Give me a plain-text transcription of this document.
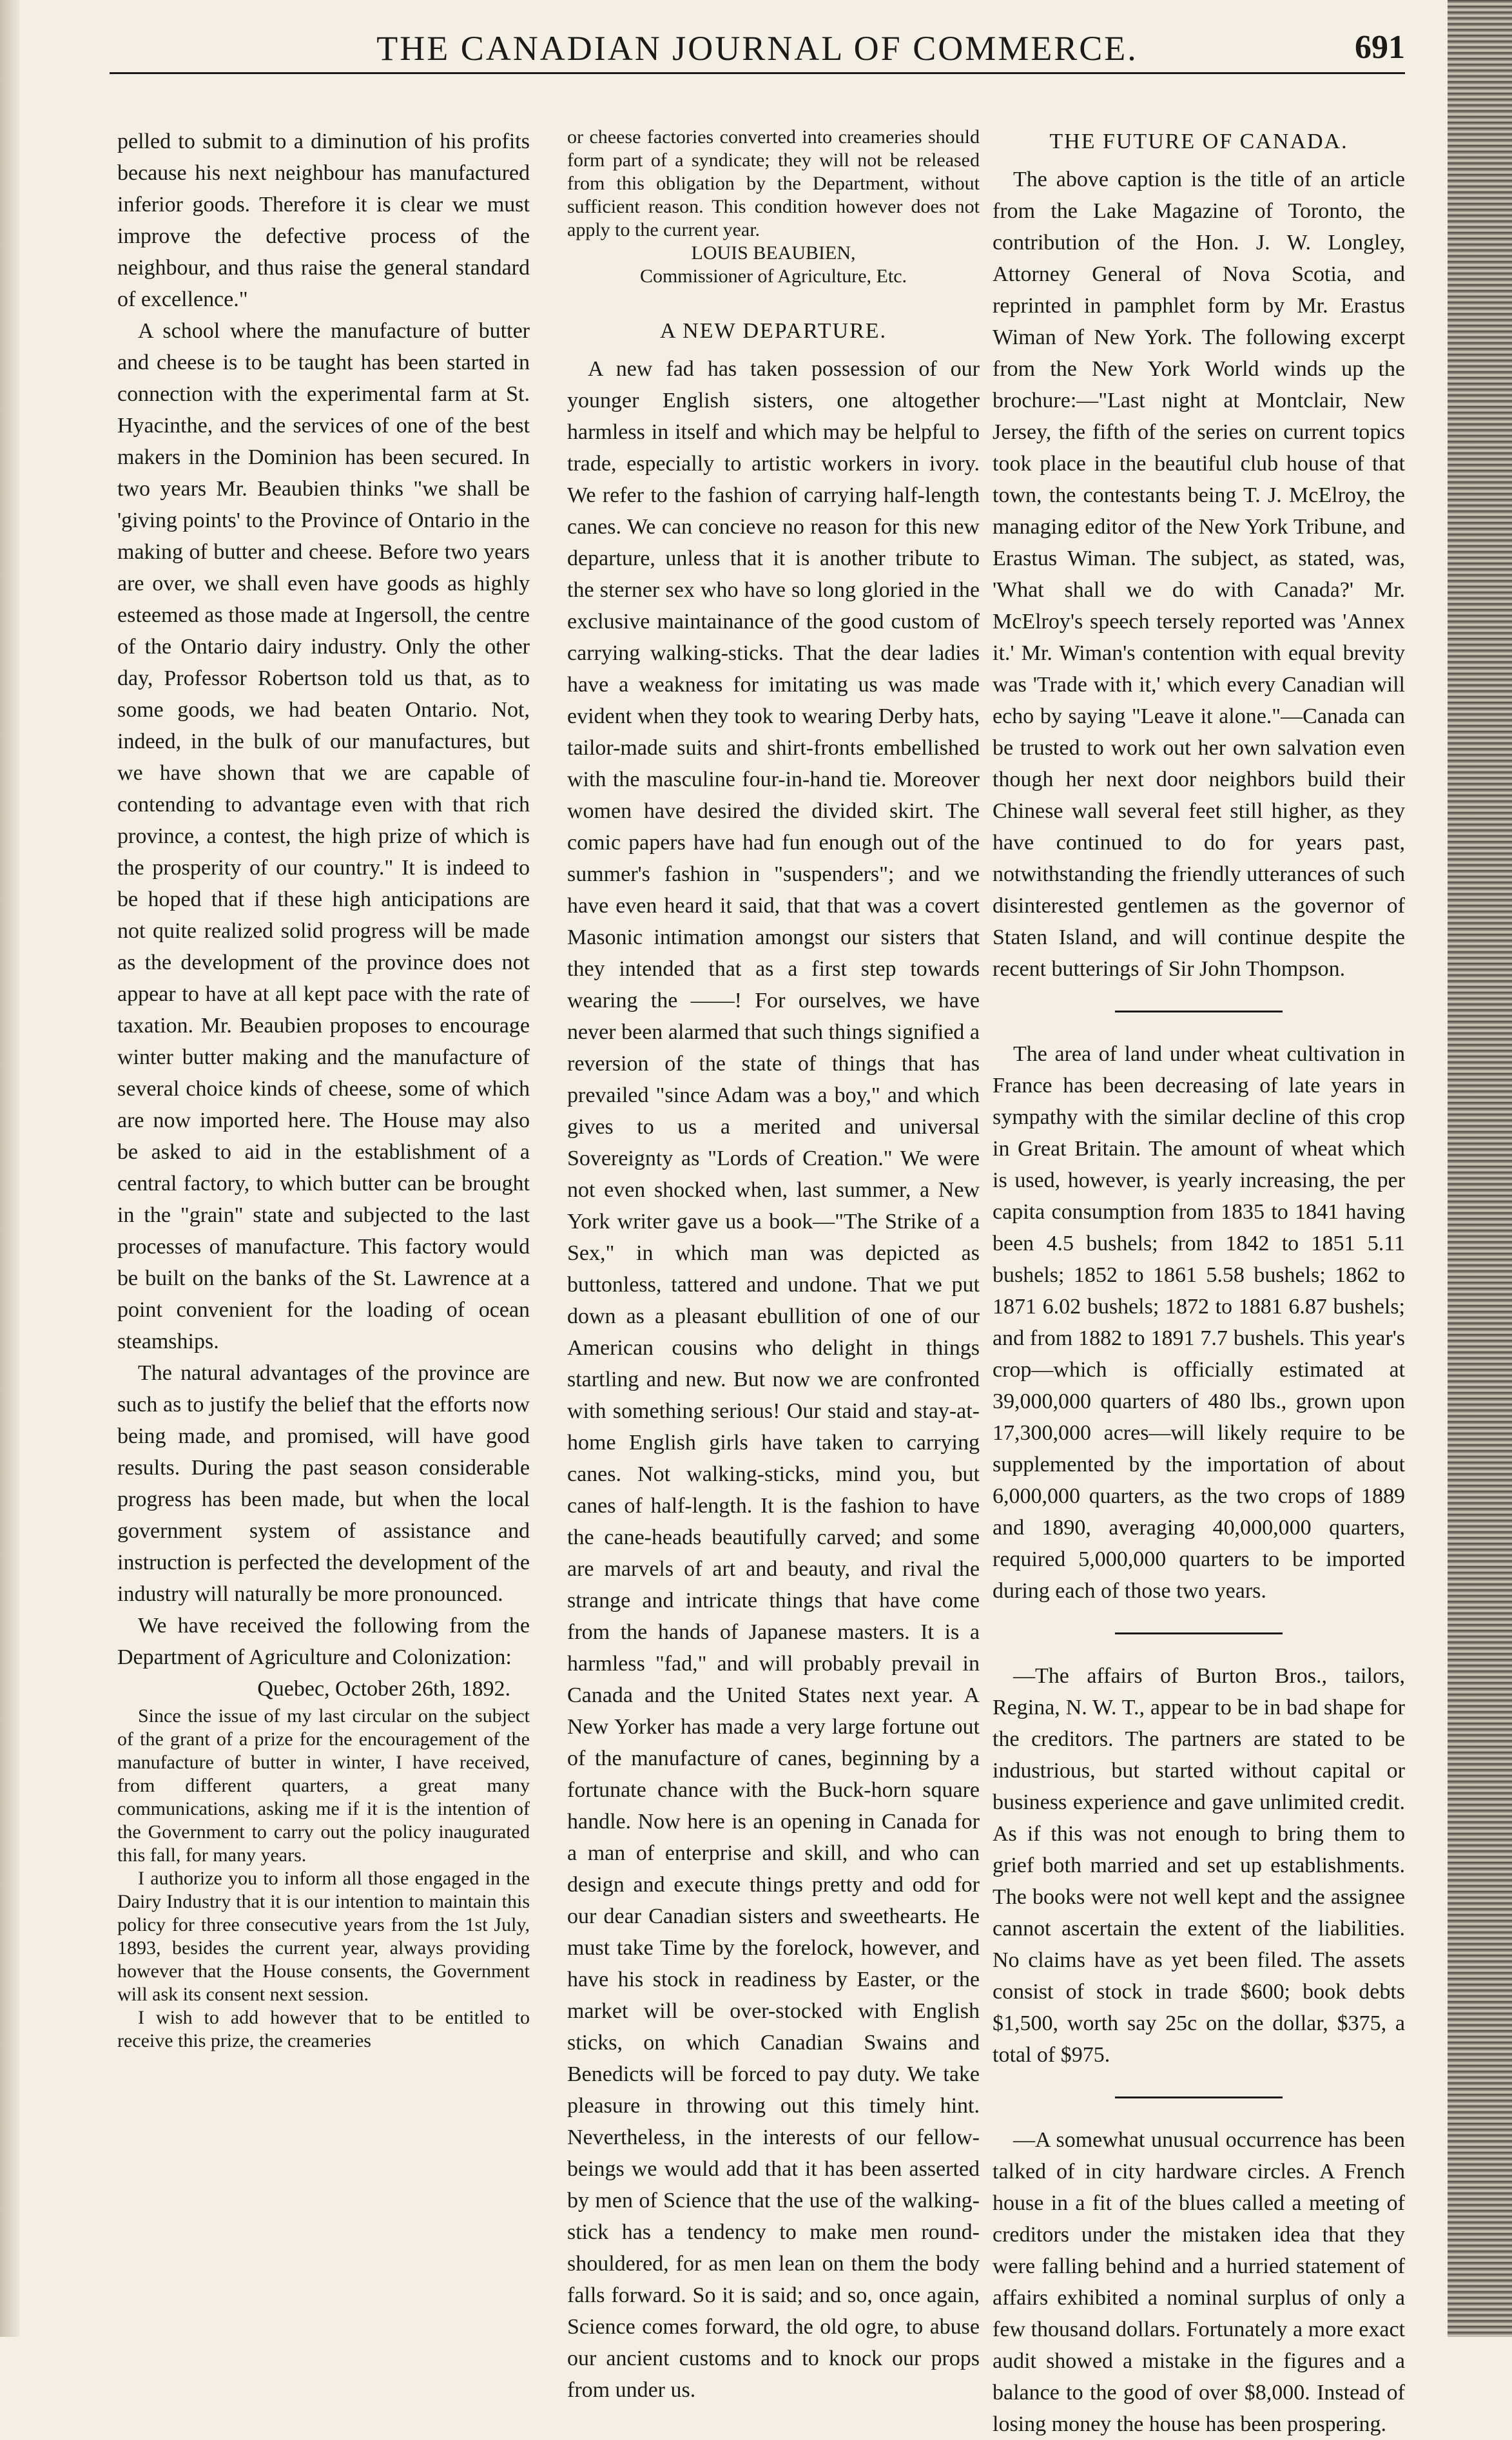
THE CANADIAN JOURNAL OF COMMERCE.	691

pelled to submit to a diminution of his profits because his next neighbour has manufactured inferior goods. Therefore it is clear we must improve the defective process of the neighbour, and thus raise the general standard of excellence."

A school where the manufacture of butter and cheese is to be taught has been started in connection with the experimental farm at St. Hyacinthe, and the services of one of the best makers in the Dominion has been secured. In two years Mr. Beaubien thinks "we shall be 'giving points' to the Province of Ontario in the making of butter and cheese. Before two years are over, we shall even have goods as highly esteemed as those made at Ingersoll, the centre of the Ontario dairy industry. Only the other day, Professor Robertson told us that, as to some goods, we had beaten Ontario. Not, indeed, in the bulk of our manufactures, but we have shown that we are capable of contending to advantage even with that rich province, a contest, the high prize of which is the prosperity of our country." It is indeed to be hoped that if these high anticipations are not quite realized solid progress will be made as the development of the province does not appear to have at all kept pace with the rate of taxation. Mr. Beaubien proposes to encourage winter butter making and the manufacture of several choice kinds of cheese, some of which are now imported here. The House may also be asked to aid in the establishment of a central factory, to which butter can be brought in the "grain" state and subjected to the last processes of manufacture. This factory would be built on the banks of the St. Lawrence at a point convenient for the loading of ocean steamships.

The natural advantages of the province are such as to justify the belief that the efforts now being made, and promised, will have good results. During the past season considerable progress has been made, but when the local government system of assistance and instruction is perfected the development of the industry will naturally be more pronounced.

We have received the following from the Department of Agriculture and Colonization:

Quebec, October 26th, 1892.

Since the issue of my last circular on the subject of the grant of a prize for the encouragement of the manufacture of butter in winter, I have received, from different quarters, a great many communications, asking me if it is the intention of the Government to carry out the policy inaugurated this fall, for many years.

I authorize you to inform all those engaged in the Dairy Industry that it is our intention to maintain this policy for three consecutive years from the 1st July, 1893, besides the current year, always providing however that the House consents, the Government will ask its consent next session.

I wish to add however that to be entitled to receive this prize, the creameries

or cheese factories converted into creameries should form part of a syndicate; they will not be released from this obligation by the Department, without sufficient reason. This condition however does not apply to the current year.

LOUIS BEAUBIEN,

Commissioner of Agriculture, Etc.

A NEW DEPARTURE.

A new fad has taken possession of our younger English sisters, one altogether harmless in itself and which may be helpful to trade, especially to artistic workers in ivory. We refer to the fashion of carrying half-length canes. We can concieve no reason for this new departure, unless that it is another tribute to the sterner sex who have so long gloried in the exclusive maintainance of the good custom of carrying walking-sticks. That the dear ladies have a weakness for imitating us was made evident when they took to wearing Derby hats, tailor-made suits and shirt-fronts embellished with the masculine four-in-hand tie. Moreover women have desired the divided skirt. The comic papers have had fun enough out of the summer's fashion in "suspenders"; and we have even heard it said, that that was a covert Masonic intimation amongst our sisters that they intended that as a first step towards wearing the ——! For ourselves, we have never been alarmed that such things signified a reversion of the state of things that has prevailed "since Adam was a boy," and which gives to us a merited and universal Sovereignty as "Lords of Creation." We were not even shocked when, last summer, a New York writer gave us a book—"The Strike of a Sex," in which man was depicted as buttonless, tattered and undone. That we put down as a pleasant ebullition of one of our American cousins who delight in things startling and new. But now we are confronted with something serious! Our staid and stay-at-home English girls have taken to carrying canes. Not walking-sticks, mind you, but canes of half-length. It is the fashion to have the cane-heads beautifully carved; and some are marvels of art and beauty, and rival the strange and intricate things that have come from the hands of Japanese masters. It is a harmless "fad," and will probably prevail in Canada and the United States next year. A New Yorker has made a very large fortune out of the manufacture of canes, beginning by a fortunate chance with the Buck-horn square handle. Now here is an opening in Canada for a man of enterprise and skill, and who can design and execute things pretty and odd for our dear Canadian sisters and sweethearts. He must take Time by the forelock, however, and have his stock in readiness by Easter, or the market will be over-stocked with English sticks, on which Canadian Swains and Benedicts will be forced to pay duty. We take pleasure in throwing out this timely hint. Nevertheless, in the interests of our fellow-beings we would add that it has been asserted by men of Science that the use of the walking-stick has a tendency to make men round-shouldered, for as men lean on them the body falls forward. So it is said; and so, once again, Science comes forward, the old ogre, to abuse our ancient customs and to knock our props from under us.

THE FUTURE OF CANADA.

The above caption is the title of an article from the Lake Magazine of Toronto, the contribution of the Hon. J. W. Longley, Attorney General of Nova Scotia, and reprinted in pamphlet form by Mr. Erastus Wiman of New York. The following excerpt from the New York World winds up the brochure:—"Last night at Montclair, New Jersey, the fifth of the series on current topics took place in the beautiful club house of that town, the contestants being T. J. McElroy, the managing editor of the New York Tribune, and Erastus Wiman. The subject, as stated, was, 'What shall we do with Canada?' Mr. McElroy's speech tersely reported was 'Annex it.' Mr. Wiman's contention with equal brevity was 'Trade with it,' which every Canadian will echo by saying "Leave it alone."—Canada can be trusted to work out her own salvation even though her next door neighbors build their Chinese wall several feet still higher, as they have continued to do for years past, notwithstanding the friendly utterances of such disinterested gentlemen as the governor of Staten Island, and will continue despite the recent butterings of Sir John Thompson.

The area of land under wheat cultivation in France has been decreasing of late years in sympathy with the similar decline of this crop in Great Britain. The amount of wheat which is used, however, is yearly increasing, the per capita consumption from 1835 to 1841 having been 4.5 bushels; from 1842 to 1851 5.11 bushels; 1852 to 1861 5.58 bushels; 1862 to 1871 6.02 bushels; 1872 to 1881 6.87 bushels; and from 1882 to 1891 7.7 bushels. This year's crop—which is officially estimated at 39,000,000 quarters of 480 lbs., grown upon 17,300,000 acres—will likely require to be supplemented by the importation of about 6,000,000 quarters, as the two crops of 1889 and 1890, averaging 40,000,000 quarters, required 5,000,000 quarters to be imported during each of those two years.

—The affairs of Burton Bros., tailors, Regina, N. W. T., appear to be in bad shape for the creditors. The partners are stated to be industrious, but started without capital or business experience and gave unlimited credit. As if this was not enough to bring them to grief both married and set up establishments. The books were not well kept and the assignee cannot ascertain the extent of the liabilities. No claims have as yet been filed. The assets consist of stock in trade $600; book debts $1,500, worth say 25c on the dollar, $375, a total of $975.

—A somewhat unusual occurrence has been talked of in city hardware circles. A French house in a fit of the blues called a meeting of creditors under the mistaken idea that they were falling behind and a hurried statement of affairs exhibited a nominal surplus of only a few thousand dollars. Fortunately a more exact audit showed a mistake in the figures and a balance to the good of over $8,000. Instead of losing money the house has been prospering.
